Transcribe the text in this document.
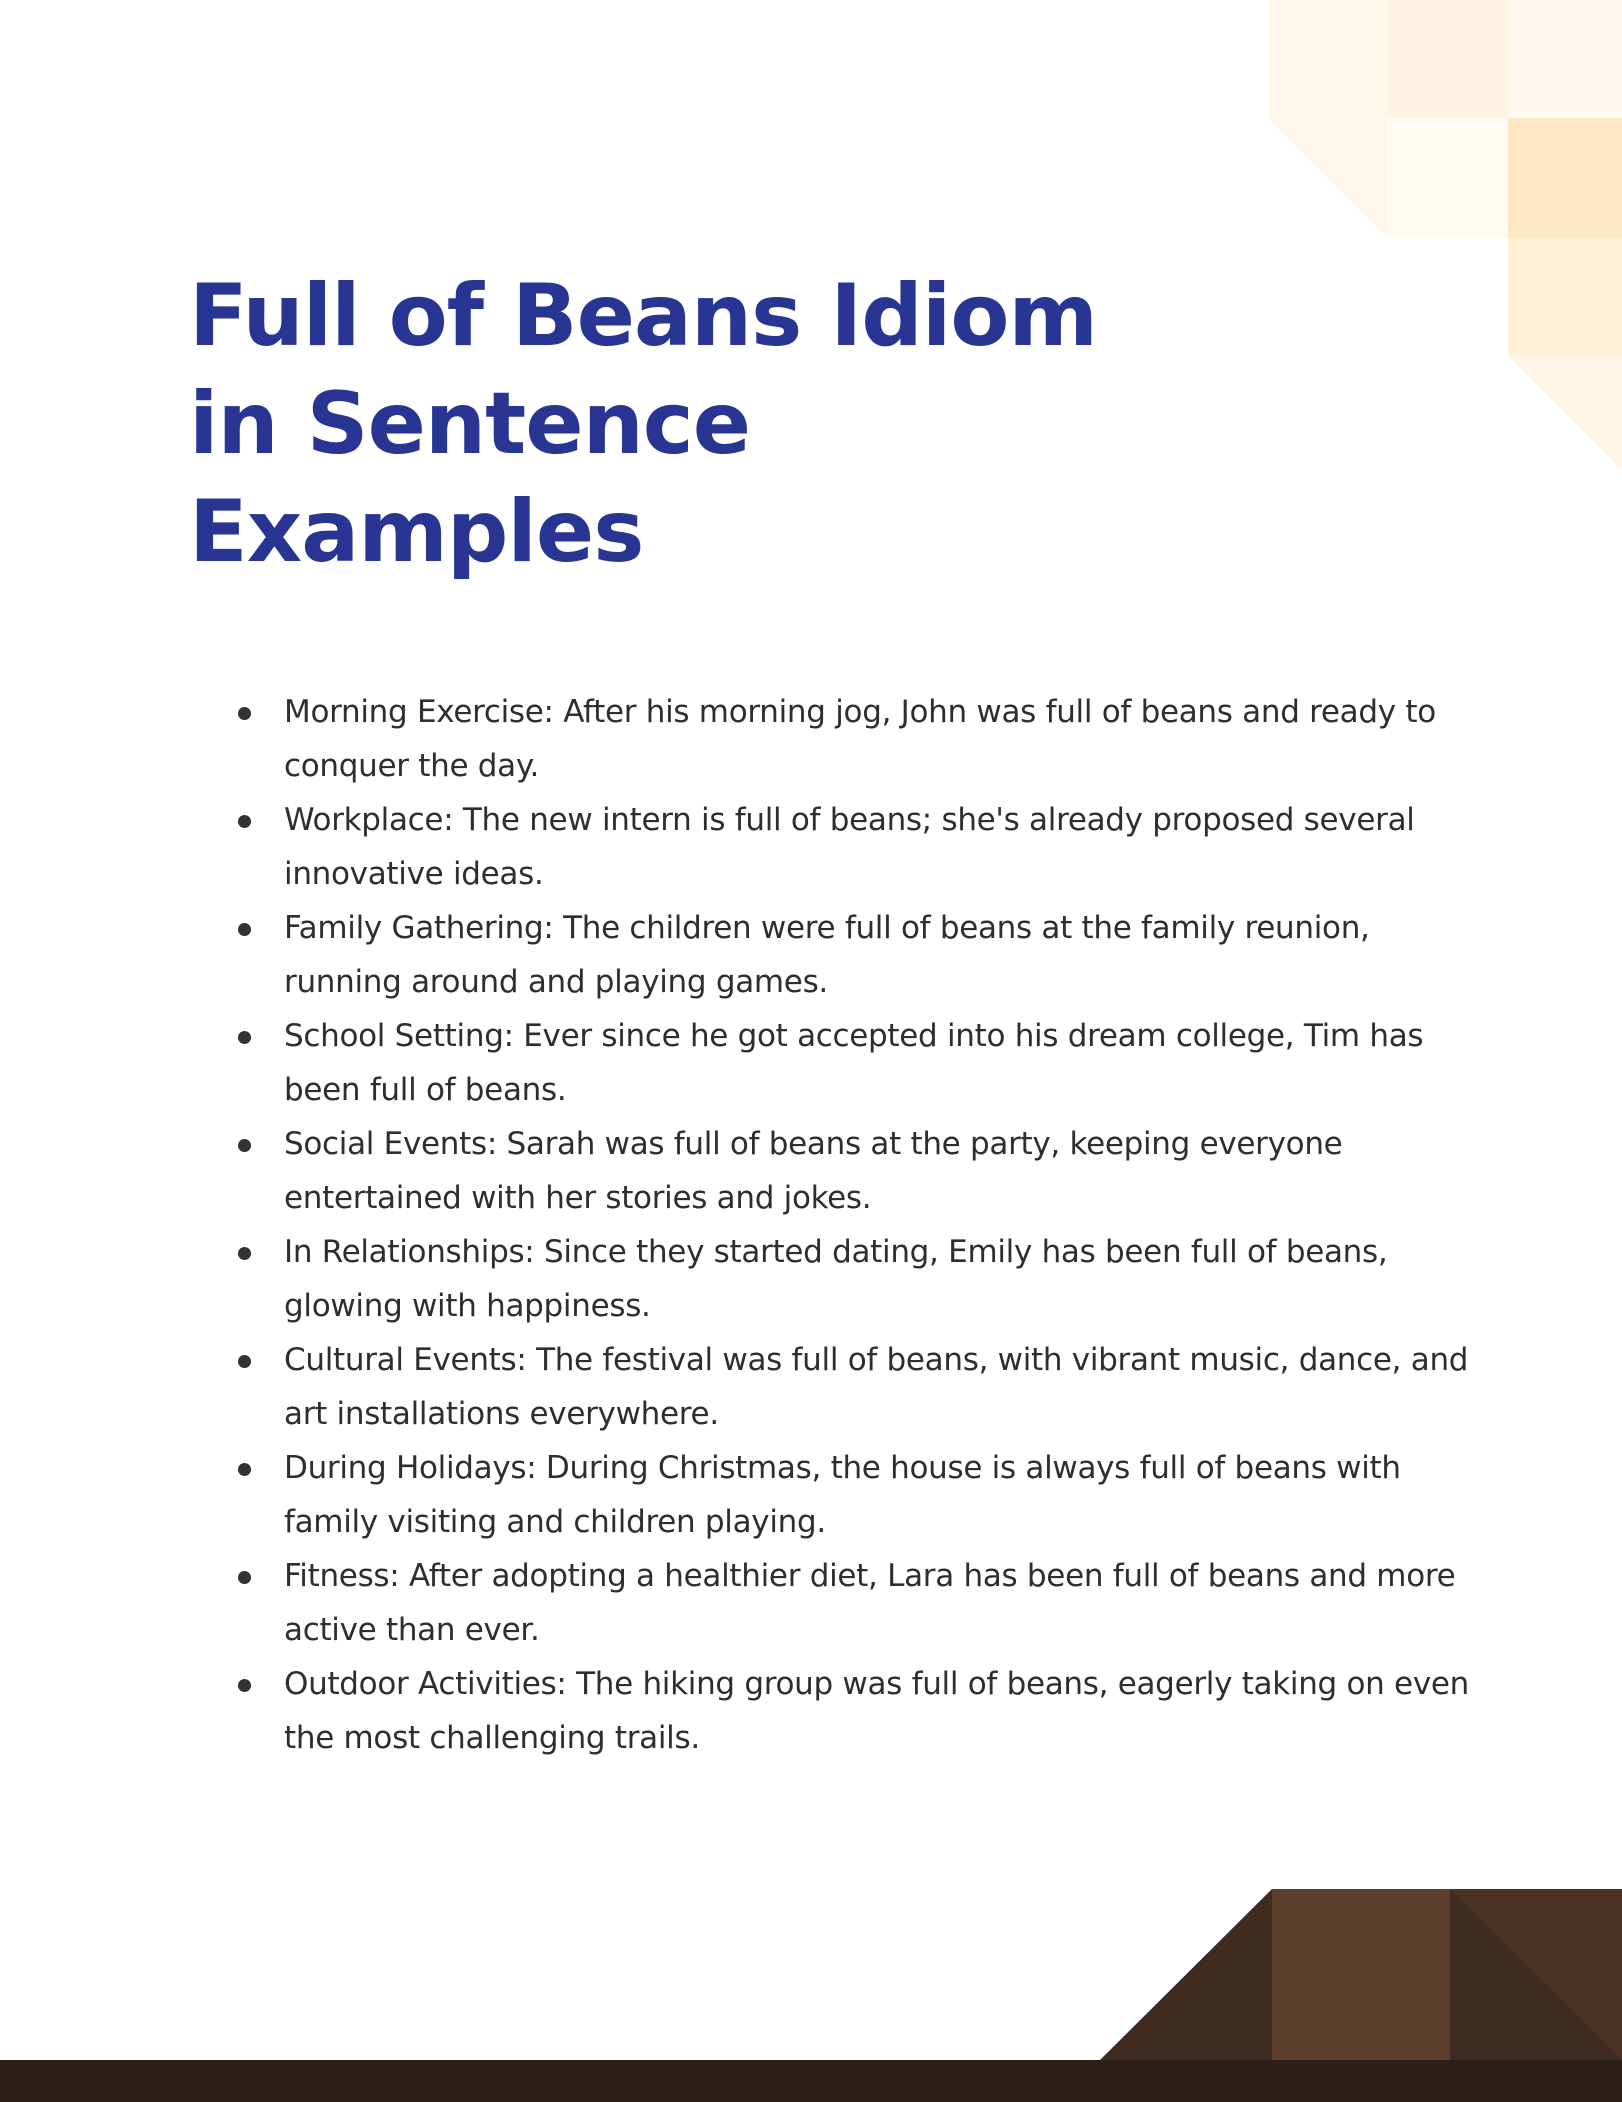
Full of Beans Idiom in Sentence Examples
Morning Exercise: After his morning jog, John was full of beans and ready to conquer the day.
Workplace: The new intern is full of beans; she's already proposed several innovative ideas.
Family Gathering: The children were full of beans at the family reunion, running around and playing games.
School Setting: Ever since he got accepted into his dream college, Tim has been full of beans.
Social Events: Sarah was full of beans at the party, keeping everyone entertained with her stories and jokes.
In Relationships: Since they started dating, Emily has been full of beans, glowing with happiness.
Cultural Events: The festival was full of beans, with vibrant music, dance, and art installations everywhere.
During Holidays: During Christmas, the house is always full of beans with family visiting and children playing.
Fitness: After adopting a healthier diet, Lara has been full of beans and more active than ever.
Outdoor Activities: The hiking group was full of beans, eagerly taking on even the most challenging trails.
